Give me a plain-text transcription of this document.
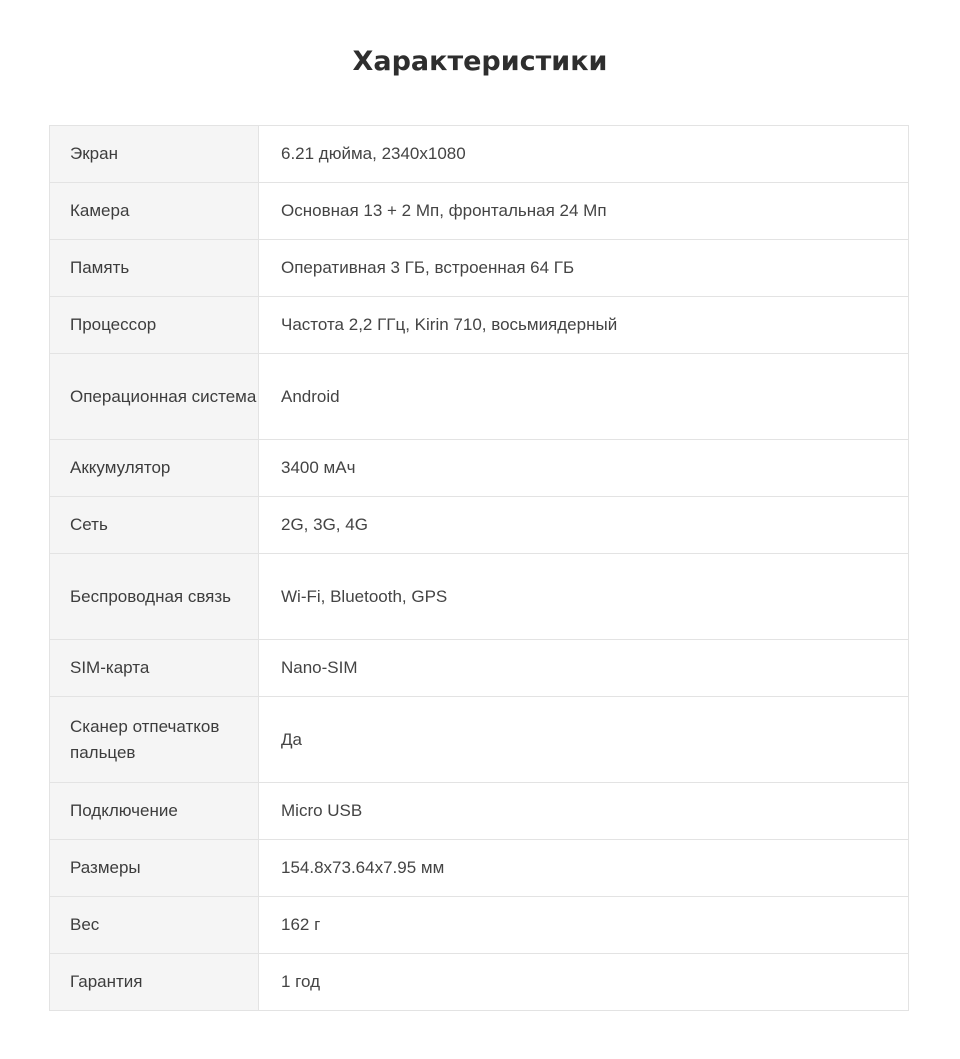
Характеристики
Экран	6.21 дюйма, 2340x1080
Камера	Основная 13 + 2 Мп, фронтальная 24 Мп
Память	Оперативная 3 ГБ, встроенная 64 ГБ
Процессор	Частота 2,2 ГГц, Kirin 710, восьмиядерный
Операционная система	Android
Аккумулятор	3400 мАч
Сеть	2G, 3G, 4G
Беспроводная связь	Wi-Fi, Bluetooth, GPS
SIM-карта	Nano-SIM
Сканер отпечатков пальцев	Да
Подключение	Micro USB
Размеры	154.8x73.64x7.95 мм
Вес	162 г
Гарантия	1 год
